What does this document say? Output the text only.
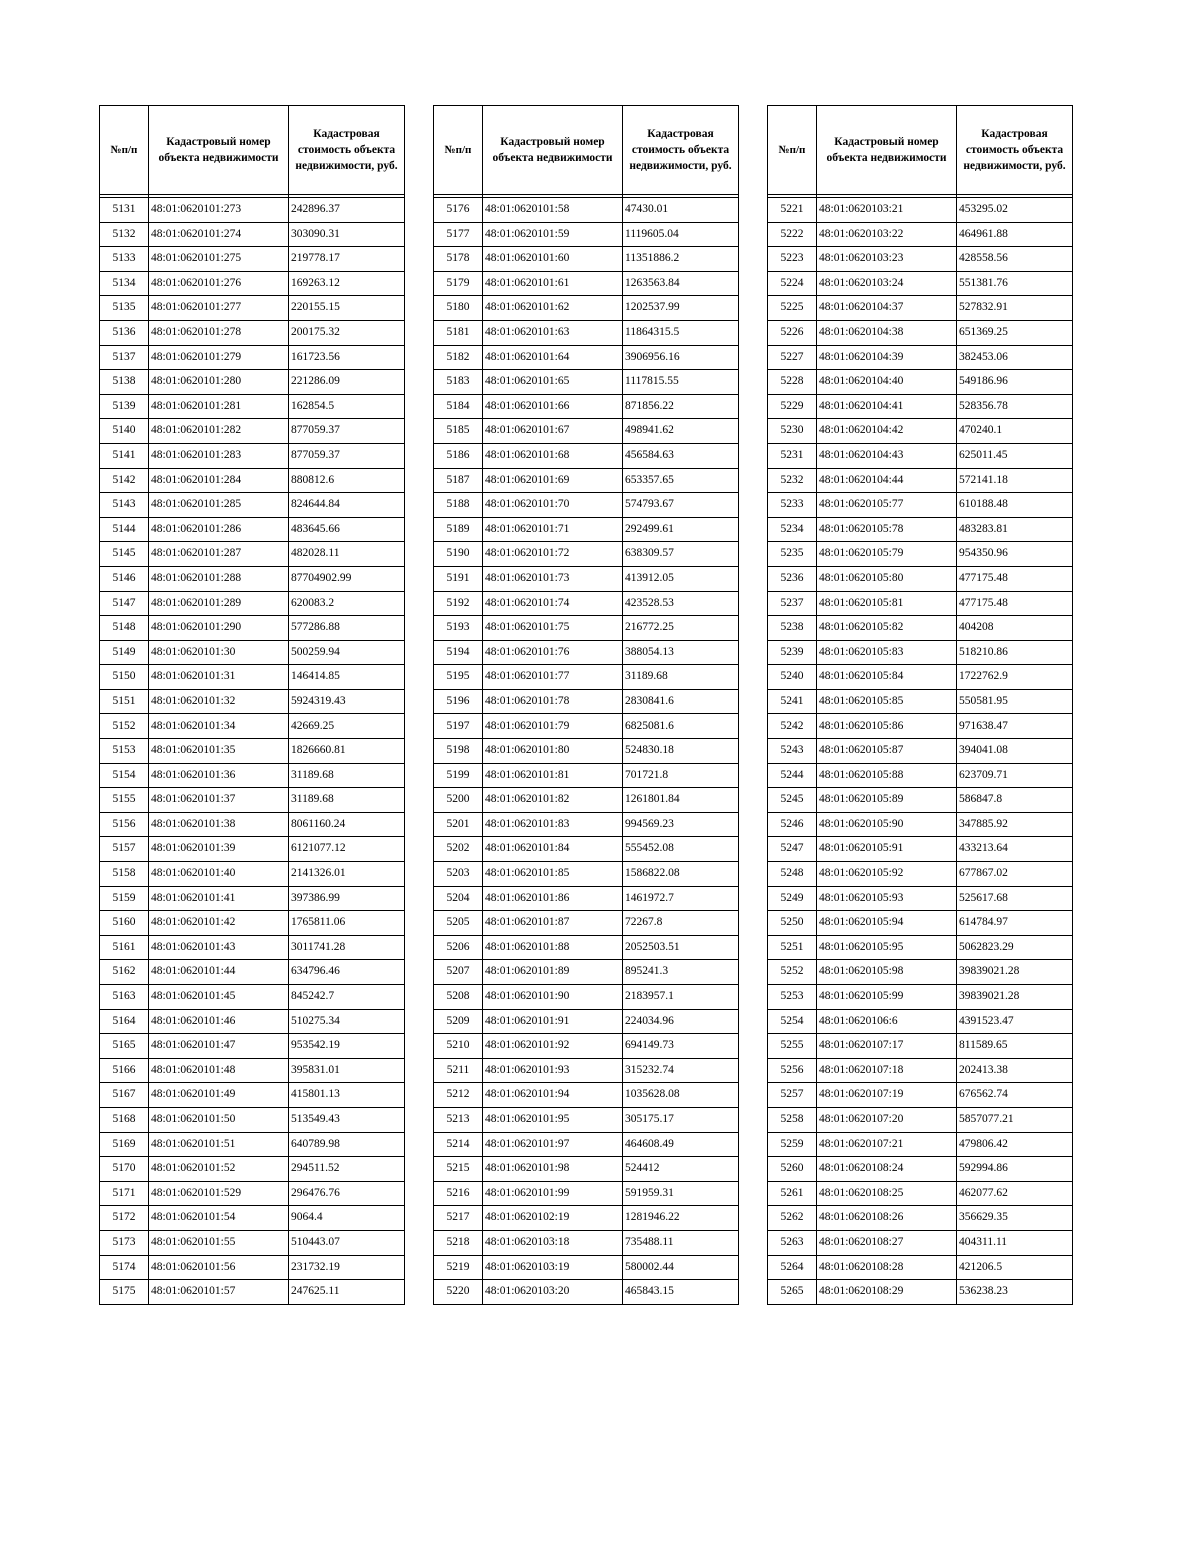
№п/п	Кадастровый номер объекта недвижимости	Кадастровая стоимость объекта недвижимости, руб.

5131	48:01:0620101:273	242896.37
5132	48:01:0620101:274	303090.31
5133	48:01:0620101:275	219778.17
5134	48:01:0620101:276	169263.12
5135	48:01:0620101:277	220155.15
5136	48:01:0620101:278	200175.32
5137	48:01:0620101:279	161723.56
5138	48:01:0620101:280	221286.09
5139	48:01:0620101:281	162854.5
5140	48:01:0620101:282	877059.37
5141	48:01:0620101:283	877059.37
5142	48:01:0620101:284	880812.6
5143	48:01:0620101:285	824644.84
5144	48:01:0620101:286	483645.66
5145	48:01:0620101:287	482028.11
5146	48:01:0620101:288	87704902.99
5147	48:01:0620101:289	620083.2
5148	48:01:0620101:290	577286.88
5149	48:01:0620101:30	500259.94
5150	48:01:0620101:31	146414.85
5151	48:01:0620101:32	5924319.43
5152	48:01:0620101:34	42669.25
5153	48:01:0620101:35	1826660.81
5154	48:01:0620101:36	31189.68
5155	48:01:0620101:37	31189.68
5156	48:01:0620101:38	8061160.24
5157	48:01:0620101:39	6121077.12
5158	48:01:0620101:40	2141326.01
5159	48:01:0620101:41	397386.99
5160	48:01:0620101:42	1765811.06
5161	48:01:0620101:43	3011741.28
5162	48:01:0620101:44	634796.46
5163	48:01:0620101:45	845242.7
5164	48:01:0620101:46	510275.34
5165	48:01:0620101:47	953542.19
5166	48:01:0620101:48	395831.01
5167	48:01:0620101:49	415801.13
5168	48:01:0620101:50	513549.43
5169	48:01:0620101:51	640789.98
5170	48:01:0620101:52	294511.52
5171	48:01:0620101:529	296476.76
5172	48:01:0620101:54	9064.4
5173	48:01:0620101:55	510443.07
5174	48:01:0620101:56	231732.19
5175	48:01:0620101:57	247625.11
№п/п	Кадастровый номер объекта недвижимости	Кадастровая стоимость объекта недвижимости, руб.

5176	48:01:0620101:58	47430.01
5177	48:01:0620101:59	1119605.04
5178	48:01:0620101:60	11351886.2
5179	48:01:0620101:61	1263563.84
5180	48:01:0620101:62	1202537.99
5181	48:01:0620101:63	11864315.5
5182	48:01:0620101:64	3906956.16
5183	48:01:0620101:65	1117815.55
5184	48:01:0620101:66	871856.22
5185	48:01:0620101:67	498941.62
5186	48:01:0620101:68	456584.63
5187	48:01:0620101:69	653357.65
5188	48:01:0620101:70	574793.67
5189	48:01:0620101:71	292499.61
5190	48:01:0620101:72	638309.57
5191	48:01:0620101:73	413912.05
5192	48:01:0620101:74	423528.53
5193	48:01:0620101:75	216772.25
5194	48:01:0620101:76	388054.13
5195	48:01:0620101:77	31189.68
5196	48:01:0620101:78	2830841.6
5197	48:01:0620101:79	6825081.6
5198	48:01:0620101:80	524830.18
5199	48:01:0620101:81	701721.8
5200	48:01:0620101:82	1261801.84
5201	48:01:0620101:83	994569.23
5202	48:01:0620101:84	555452.08
5203	48:01:0620101:85	1586822.08
5204	48:01:0620101:86	1461972.7
5205	48:01:0620101:87	72267.8
5206	48:01:0620101:88	2052503.51
5207	48:01:0620101:89	895241.3
5208	48:01:0620101:90	2183957.1
5209	48:01:0620101:91	224034.96
5210	48:01:0620101:92	694149.73
5211	48:01:0620101:93	315232.74
5212	48:01:0620101:94	1035628.08
5213	48:01:0620101:95	305175.17
5214	48:01:0620101:97	464608.49
5215	48:01:0620101:98	524412
5216	48:01:0620101:99	591959.31
5217	48:01:0620102:19	1281946.22
5218	48:01:0620103:18	735488.11
5219	48:01:0620103:19	580002.44
5220	48:01:0620103:20	465843.15
№п/п	Кадастровый номер объекта недвижимости	Кадастровая стоимость объекта недвижимости, руб.

5221	48:01:0620103:21	453295.02
5222	48:01:0620103:22	464961.88
5223	48:01:0620103:23	428558.56
5224	48:01:0620103:24	551381.76
5225	48:01:0620104:37	527832.91
5226	48:01:0620104:38	651369.25
5227	48:01:0620104:39	382453.06
5228	48:01:0620104:40	549186.96
5229	48:01:0620104:41	528356.78
5230	48:01:0620104:42	470240.1
5231	48:01:0620104:43	625011.45
5232	48:01:0620104:44	572141.18
5233	48:01:0620105:77	610188.48
5234	48:01:0620105:78	483283.81
5235	48:01:0620105:79	954350.96
5236	48:01:0620105:80	477175.48
5237	48:01:0620105:81	477175.48
5238	48:01:0620105:82	404208
5239	48:01:0620105:83	518210.86
5240	48:01:0620105:84	1722762.9
5241	48:01:0620105:85	550581.95
5242	48:01:0620105:86	971638.47
5243	48:01:0620105:87	394041.08
5244	48:01:0620105:88	623709.71
5245	48:01:0620105:89	586847.8
5246	48:01:0620105:90	347885.92
5247	48:01:0620105:91	433213.64
5248	48:01:0620105:92	677867.02
5249	48:01:0620105:93	525617.68
5250	48:01:0620105:94	614784.97
5251	48:01:0620105:95	5062823.29
5252	48:01:0620105:98	39839021.28
5253	48:01:0620105:99	39839021.28
5254	48:01:0620106:6	4391523.47
5255	48:01:0620107:17	811589.65
5256	48:01:0620107:18	202413.38
5257	48:01:0620107:19	676562.74
5258	48:01:0620107:20	5857077.21
5259	48:01:0620107:21	479806.42
5260	48:01:0620108:24	592994.86
5261	48:01:0620108:25	462077.62
5262	48:01:0620108:26	356629.35
5263	48:01:0620108:27	404311.11
5264	48:01:0620108:28	421206.5
5265	48:01:0620108:29	536238.23
